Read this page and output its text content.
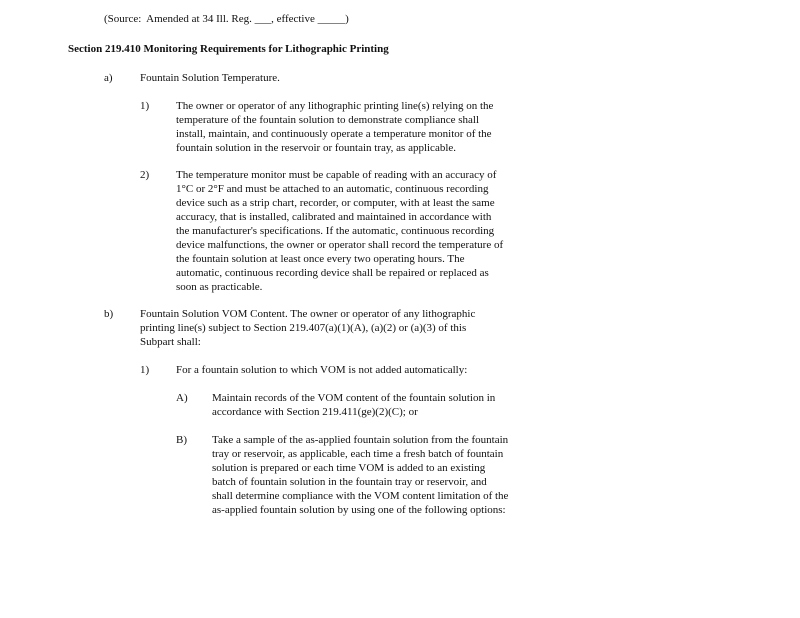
(Source:  Amended at 34 Ill. Reg. ___, effective _____)
Section 219.410 Monitoring Requirements for Lithographic Printing
a) Fountain Solution Temperature.
1) The owner or operator of any lithographic printing line(s) relying on the
temperature of the fountain solution to demonstrate compliance shall
install, maintain, and continuously operate a temperature monitor of the
fountain solution in the reservoir or fountain tray, as applicable.
2) The temperature monitor must be capable of reading with an accuracy of
1°C or 2°F and must be attached to an automatic, continuous recording
device such as a strip chart, recorder, or computer, with at least the same
accuracy, that is installed, calibrated and maintained in accordance with
the manufacturer's specifications. If the automatic, continuous recording
device malfunctions, the owner or operator shall record the temperature of
the fountain solution at least once every two operating hours. The
automatic, continuous recording device shall be repaired or replaced as
soon as practicable.
b) Fountain Solution VOM Content. The owner or operator of any lithographic
printing line(s) subject to Section 219.407(a)(1)(A), (a)(2) or (a)(3) of this
Subpart shall:
1) For a fountain solution to which VOM is not added automatically:
A) Maintain records of the VOM content of the fountain solution in
accordance with Section 219.411(ge)(2)(C); or
B) Take a sample of the as-applied fountain solution from the fountain
tray or reservoir, as applicable, each time a fresh batch of fountain
solution is prepared or each time VOM is added to an existing
batch of fountain solution in the fountain tray or reservoir, and
shall determine compliance with the VOM content limitation of the
as-applied fountain solution by using one of the following options:
